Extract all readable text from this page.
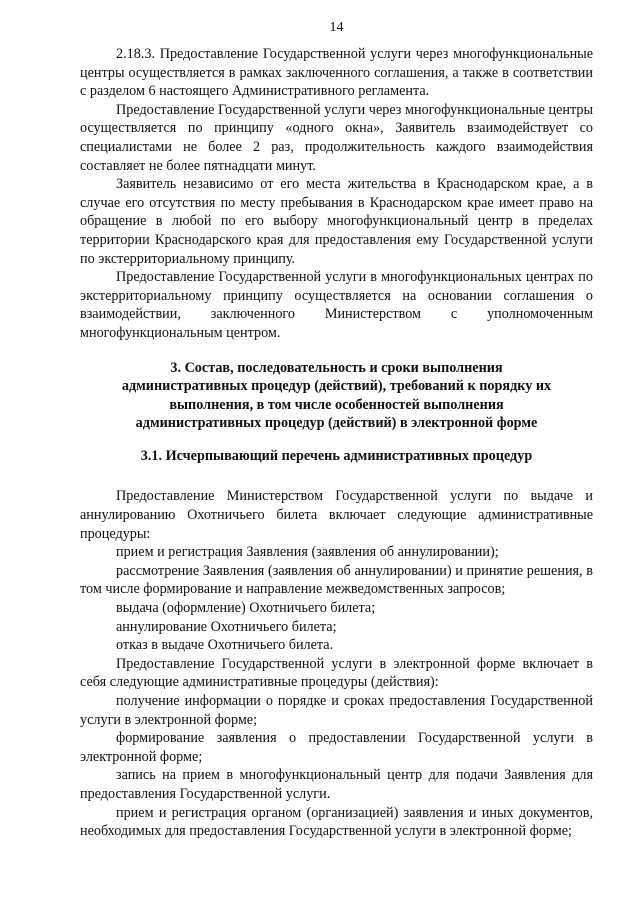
14

2.18.3. Предоставление Государственной услуги через многофункциональные центры осуществляется в рамках заключенного соглашения, а также в соответствии с разделом 6 настоящего Административного регламента.

Предоставление Государственной услуги через многофункциональные центры осуществляется по принципу «одного окна», Заявитель взаимодействует со специалистами не более 2 раз, продолжительность каждого взаимодействия составляет не более пятнадцати минут.

Заявитель независимо от его места жительства в Краснодарском крае, а в случае его отсутствия по месту пребывания в Краснодарском крае имеет право на обращение в любой по его выбору многофункциональный центр в пределах территории Краснодарского края для предоставления ему Государственной услуги по экстерриториальному принципу.

Предоставление Государственной услуги в многофункциональных центрах по экстерриториальному принципу осуществляется на основании соглашения о взаимодействии, заключенного Министерством с уполномоченным многофункциональным центром.

3. Состав, последовательность и сроки выполнения административных процедур (действий), требований к порядку их выполнения, в том числе особенностей выполнения административных процедур (действий) в электронной форме

3.1. Исчерпывающий перечень административных процедур

Предоставление Министерством Государственной услуги по выдаче и аннулированию Охотничьего билета включает следующие административные процедуры:

прием и регистрация Заявления (заявления об аннулировании);

рассмотрение Заявления (заявления об аннулировании) и принятие решения, в том числе формирование и направление межведомственных запросов;

выдача (оформление) Охотничьего билета;

аннулирование Охотничьего билета;

отказ в выдаче Охотничьего билета.

Предоставление Государственной услуги в электронной форме включает в себя следующие административные процедуры (действия):

получение информации о порядке и сроках предоставления Государственной услуги в электронной форме;

формирование заявления о предоставлении Государственной услуги в электронной форме;

запись на прием в многофункциональный центр для подачи Заявления для предоставления Государственной услуги.

прием и регистрация органом (организацией) заявления и иных документов, необходимых для предоставления Государственной услуги в электронной форме;
